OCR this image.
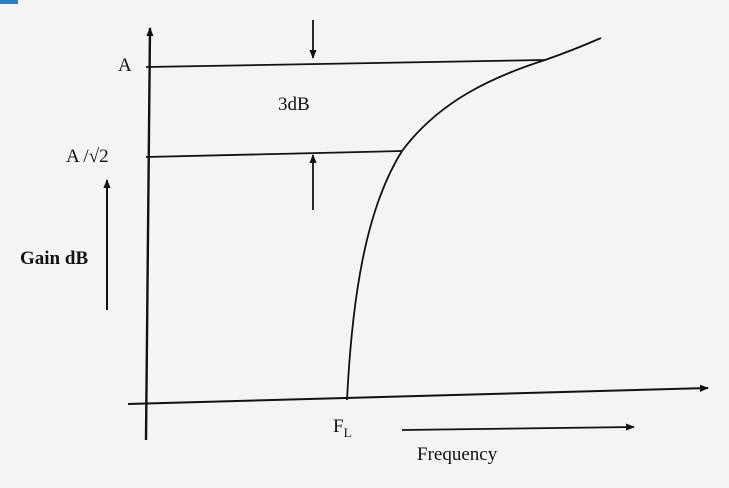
A
A /√2
3dB
Gain dB
$F_L$
Frequency
